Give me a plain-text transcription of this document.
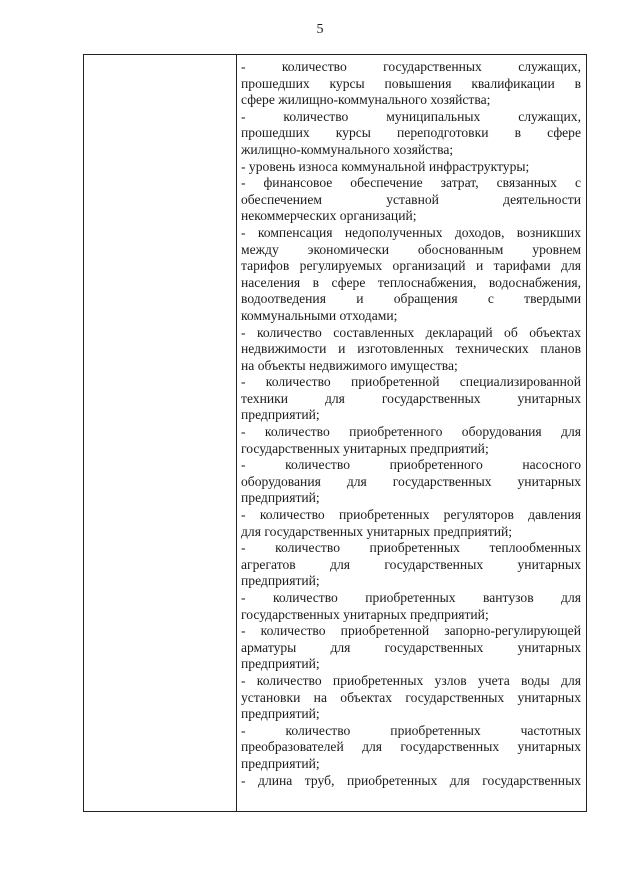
5
- количество государственных служащих,
прошедших курсы повышения квалификации в
сфере жилищно-коммунального хозяйства;
- количество муниципальных служащих,
прошедших курсы переподготовки в сфере
жилищно-коммунального хозяйства;
- уровень износа коммунальной инфраструктуры;
- финансовое обеспечение затрат, связанных с
обеспечением уставной деятельности
некоммерческих организаций;
- компенсация недополученных доходов, возникших
между экономически обоснованным уровнем
тарифов регулируемых организаций и тарифами для
населения в сфере теплоснабжения, водоснабжения,
водоотведения и обращения с твердыми
коммунальными отходами;
- количество составленных деклараций об объектах
недвижимости и изготовленных технических планов
на объекты недвижимого имущества;
- количество приобретенной специализированной
техники для государственных унитарных
предприятий;
- количество приобретенного оборудования для
государственных унитарных предприятий;
- количество приобретенного насосного
оборудования для государственных унитарных
предприятий;
- количество приобретенных регуляторов давления
для государственных унитарных предприятий;
- количество приобретенных теплообменных
агрегатов для государственных унитарных
предприятий;
- количество приобретенных вантузов для
государственных унитарных предприятий;
- количество приобретенной запорно-регулирующей
арматуры для государственных унитарных
предприятий;
- количество приобретенных узлов учета воды для
установки на объектах государственных унитарных
предприятий;
- количество приобретенных частотных
преобразователей для государственных унитарных
предприятий;
- длина труб, приобретенных для государственных
